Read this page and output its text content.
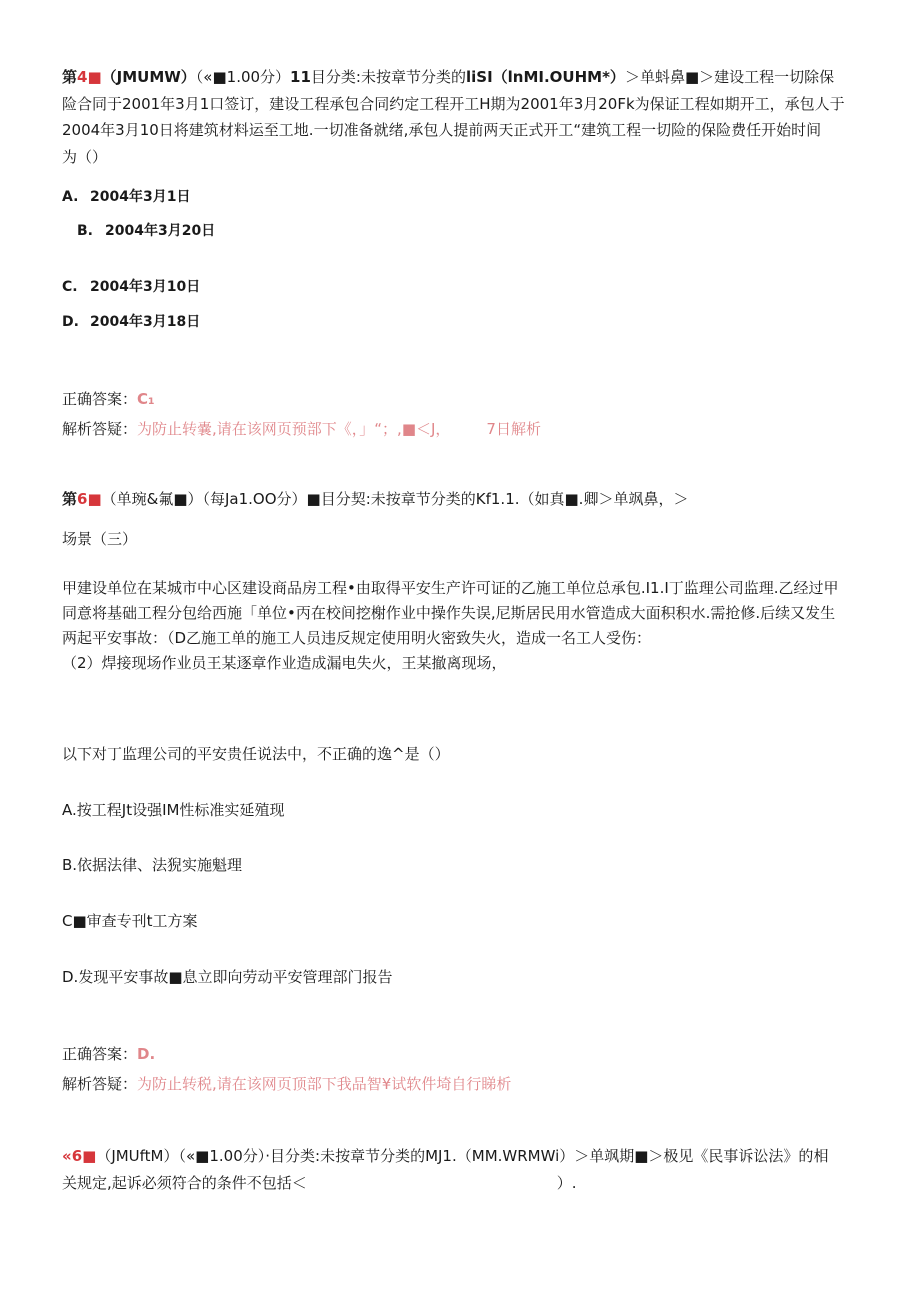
第4■（JMUMW）（«■1.00分）11目分类:未按章节分类的liSI（lnMI.OUHM*）＞单蚪鼻■＞建设工程一切除保
险合同于2001年3月1口签订，建设工程承包合同约定工程开工H期为2001年3月20Fk为保证工程如期开工，承包人于
2004年3月10日将建筑材料运至工地.一切准备就绪,承包人提前两天正式开工“建筑工程一切险的保险费任开始时间
为（）
A. 2004年3月1日
B. 2004年3月20日
C. 2004年3月10日
D. 2004年3月18日
正确答案：C₁
解析答疑：为防止转嚢,请在该网页预部下《，」“；,■＜J， 7日解析
第6■（单琬&氟■）（每Ja1.OO分）■目分契:未按章节分类的Kf1.1.（如真■.卿＞单飒鼻，＞
场景（三）
甲建设单位在某城市中心区建设商品房工程•由取得平安生产许可证的乙施工单位总承包.I1.I丁监理公司监理.乙经过甲
同意将基础工程分包给西施「单位•丙在校间挖榭作业中操作失误,尼斯居民用水管造成大面积积水.需抢修.后续又发生
两起平安事故：（D乙施工单的施工人员违反规定使用明火密致失火，造成一名工人受伤：
（2）焊接现场作业员王某逐章作业造成漏电失火，王某撤离现场，
以下对丁监理公司的平安贵任说法中，不正确的逸^是（）
A.按工程Jt设强IM性标准实延殖现
B.依据法律、法猊实施魁理
C■审查专刊t工方案
D.发现平安事故■息立即向劳动平安管理部门报告
正确答案：D.
解析答疑：为防止转税,请在该网页顶部下我品智¥试软件埼自行睇析
«6■（JMUftM）（«■1.00分）·目分类:未按章节分类的MJ1.（MM.WRMWi）＞单飒期■＞极见《民事诉讼法》的相
关规定,起诉必须符合的条件不包括＜	）.
